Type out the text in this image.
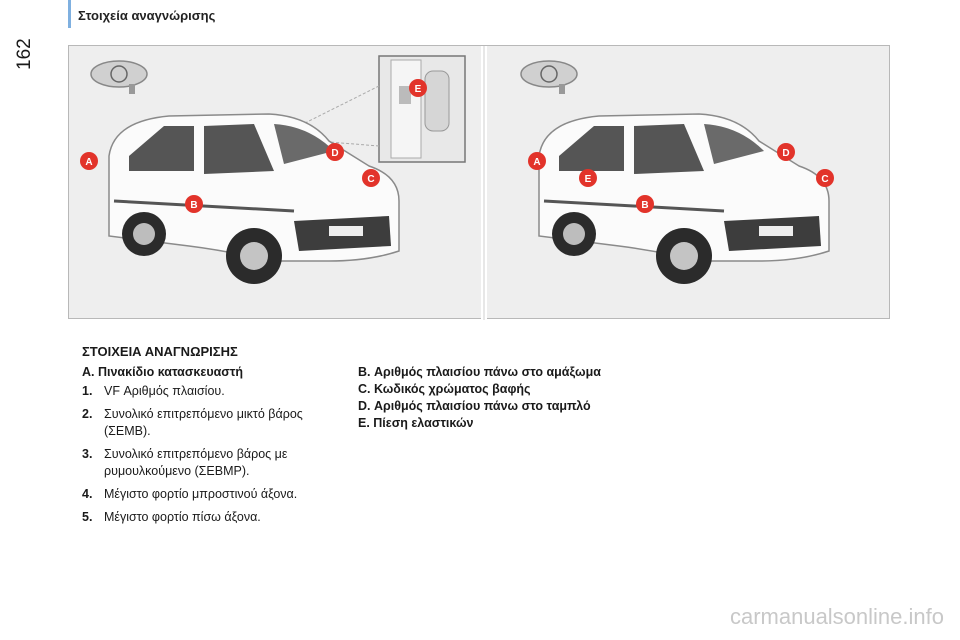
162
Στοιχεία αναγνώρισης
A
B
C
D
E
A
E
B
C
D
ΣΤΟΙΧΕΙΑ ΑΝΑΓΝΩΡΙΣΗΣ
A. Πινακίδιο κατασκευαστή
1. VF Αριθμός πλαισίου.
2. Συνολικό επιτρεπόμενο μικτό βάρος (ΣΕΜΒ).
3. Συνολικό επιτρεπόμενο βάρος με ρυμουλκούμενο (ΣΕΒΜΡ).
4. Μέγιστο φορτίο μπροστινού άξονα.
5. Μέγιστο φορτίο πίσω άξονα.
B. Αριθμός πλαισίου πάνω στο αμάξωμα
C. Κωδικός χρώματος βαφής
D. Αριθμός πλαισίου πάνω στο ταμπλό
E. Πίεση ελαστικών
carmanualsonline.info
